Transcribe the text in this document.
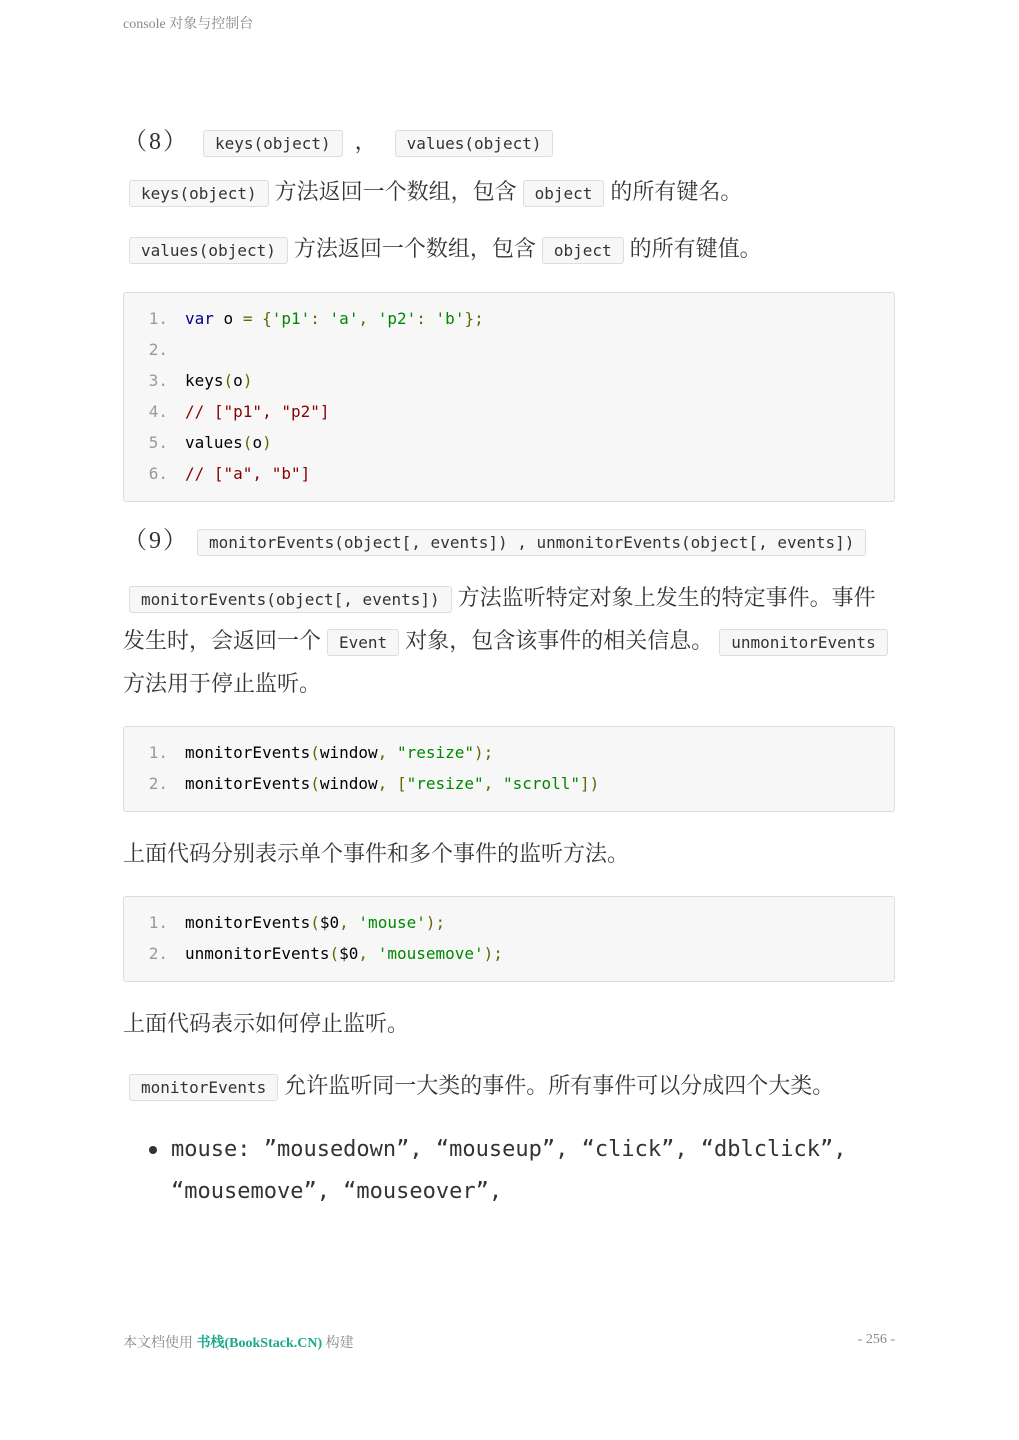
console 对象与控制台
（8） keys(object) ， values(object)

keys(object) 方法返回一个数组，包含 object 的所有键名。

values(object) 方法返回一个数组，包含 object 的所有键值。

1. var o = {'p1': 'a', 'p2': 'b'};
2.
3. keys(o)
4. // ["p1", "p2"]
5. values(o)
6. // ["a", "b"]
（9） monitorEvents(object[, events]) , unmonitorEvents(object[, events])

monitorEvents(object[, events]) 方法监听特定对象上发生的特定事件。事件发生时，会返回一个 Event 对象，包含该事件的相关信息。 unmonitorEvents方法用于停止监听。

1. monitorEvents(window, "resize");
2. monitorEvents(window, ["resize", "scroll"])

上面代码分别表示单个事件和多个事件的监听方法。

1. monitorEvents($0, 'mouse');
2. unmonitorEvents($0, 'mousemove');

上面代码表示如何停止监听。

monitorEvents 允许监听同一大类的事件。所有事件可以分成四个大类。

mouse: ”mousedown”, “mouseup”, “click”, “dblclick”, “mousemove”, “mouseover”,
本文档使用 书栈(BookStack.CN) 构建	- 256 -
